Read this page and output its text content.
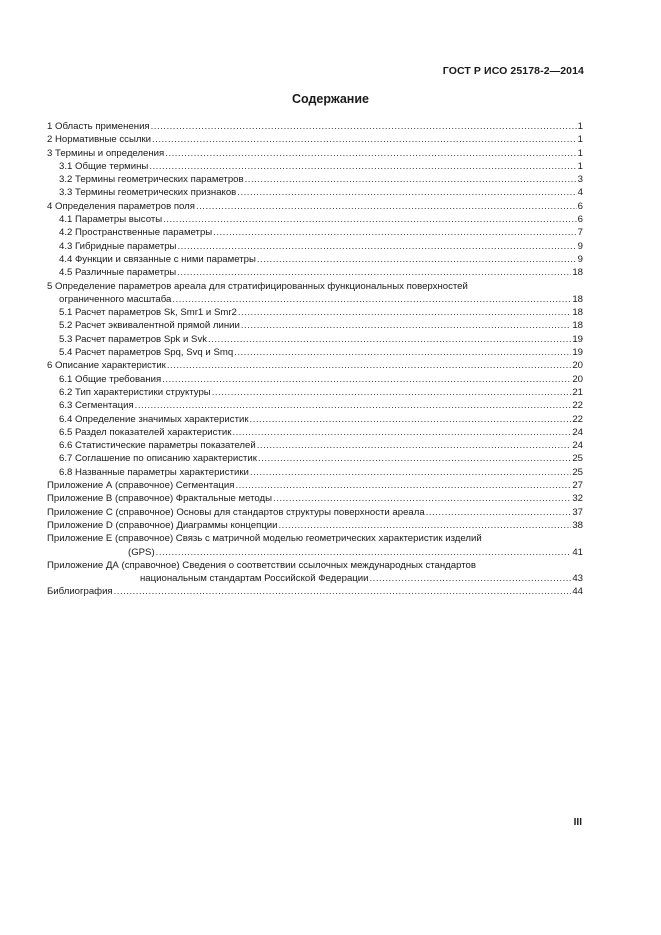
ГОСТ Р ИСО 25178-2—2014
Содержание
1 Область применения .....	1
2 Нормативные ссылки .....	1
3 Термины и определения .....	1
3.1 Общие термины .....	1
3.2 Термины геометрических параметров .....	3
3.3 Термины геометрических признаков .....	4
4 Определения параметров поля .....	6
4.1 Параметры высоты .....	6
4.2 Пространственные параметры .....	7
4.3 Гибридные параметры .....	9
4.4 Функции и связанные с ними параметры .....	9
4.5 Различные параметры .....	18
5 Определение параметров ареала для стратифицированных функциональных поверхностей
ограниченного масштаба .....	18
5.1 Расчет параметров Sk, Smr1 и Smr2 .....	18
5.2 Расчет эквивалентной прямой линии .....	18
5.3 Расчет параметров Spk и Svk .....	19
5.4 Расчет параметров Spq, Svq и Smq .....	19
6 Описание характеристик .....	20
6.1 Общие требования .....	20
6.2 Тип характеристики структуры .....	21
6.3 Сегментация .....	22
6.4 Определение значимых характеристик .....	22
6.5 Раздел показателей характеристик .....	24
6.6 Статистические параметры показателей .....	24
6.7 Соглашение по описанию характеристик .....	25
6.8 Названные параметры характеристики .....	25
Приложение А (справочное) Сегментация .....	27
Приложение В (справочное) Фрактальные методы .....	32
Приложение С (справочное) Основы для стандартов структуры поверхности ареала .....	37
Приложение D (справочное) Диаграммы концепции .....	38
Приложение Е (справочное) Связь с матричной моделью геометрических характеристик изделий
(GPS) .....	41
Приложение ДА (справочное) Сведения о соответствии ссылочных международных стандартов
национальным стандартам Российской Федерации .....	43
Библиография .....	44
III
